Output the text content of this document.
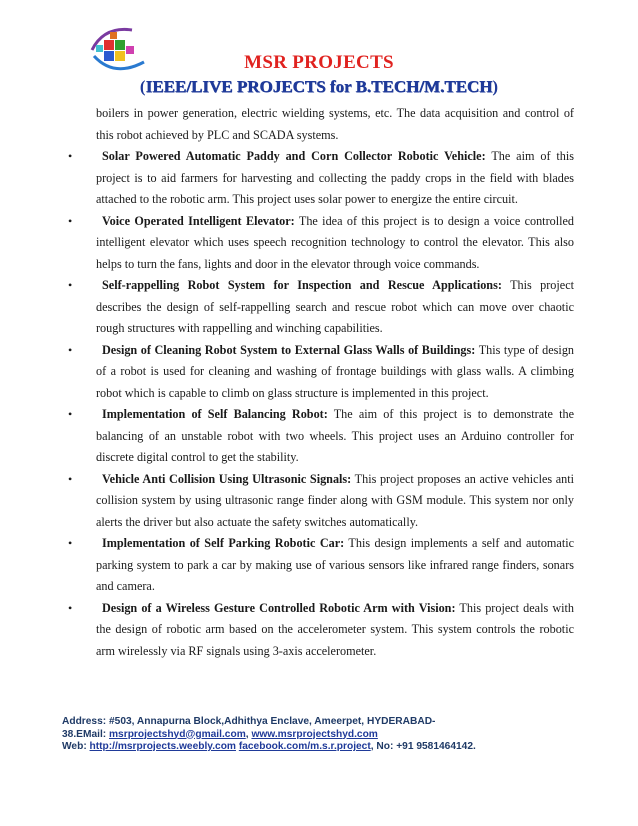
MSR PROJECTS
(IEEE/LIVE PROJECTS for B.TECH/M.TECH)

boilers in power generation, electric wielding systems, etc. The data acquisition and control of this robot achieved by PLC and SCADA systems.

• Solar Powered Automatic Paddy and Corn Collector Robotic Vehicle: The aim of this project is to aid farmers for harvesting and collecting the paddy crops in the field with blades attached to the robotic arm. This project uses solar power to energize the entire circuit.

• Voice Operated Intelligent Elevator: The idea of this project is to design a voice controlled intelligent elevator which uses speech recognition technology to control the elevator. This also helps to turn the fans, lights and door in the elevator through voice commands.

• Self-rappelling Robot System for Inspection and Rescue Applications: This project describes the design of self-rappelling search and rescue robot which can move over chaotic rough structures with rappelling and winching capabilities.

• Design of Cleaning Robot System to External Glass Walls of Buildings: This type of design of a robot is used for cleaning and washing of frontage buildings with glass walls. A climbing robot which is capable to climb on glass structure is implemented in this project.

• Implementation of Self Balancing Robot: The aim of this project is to demonstrate the balancing of an unstable robot with two wheels. This project uses an Arduino controller for discrete digital control to get the stability.

• Vehicle Anti Collision Using Ultrasonic Signals: This project proposes an active vehicles anti collision system by using ultrasonic range finder along with GSM module. This system nor only alerts the driver but also actuate the safety switches automatically.

• Implementation of Self Parking Robotic Car: This design implements a self and automatic parking system to park a car by making use of various sensors like infrared range finders, sonars and camera.

• Design of a Wireless Gesture Controlled Robotic Arm with Vision: This project deals with the design of robotic arm based on the accelerometer system. This system controls the robotic arm wirelessly via RF signals using 3-axis accelerometer.

Address: #503, Annapurna Block,Adhithya Enclave, Ameerpet, HYDERABAD-
38.EMail: msrprojectshyd@gmail.com, www.msrprojectshyd.com
Web: http://msrprojects.weebly.com facebook.com/m.s.r.project, No: +91 9581464142.
